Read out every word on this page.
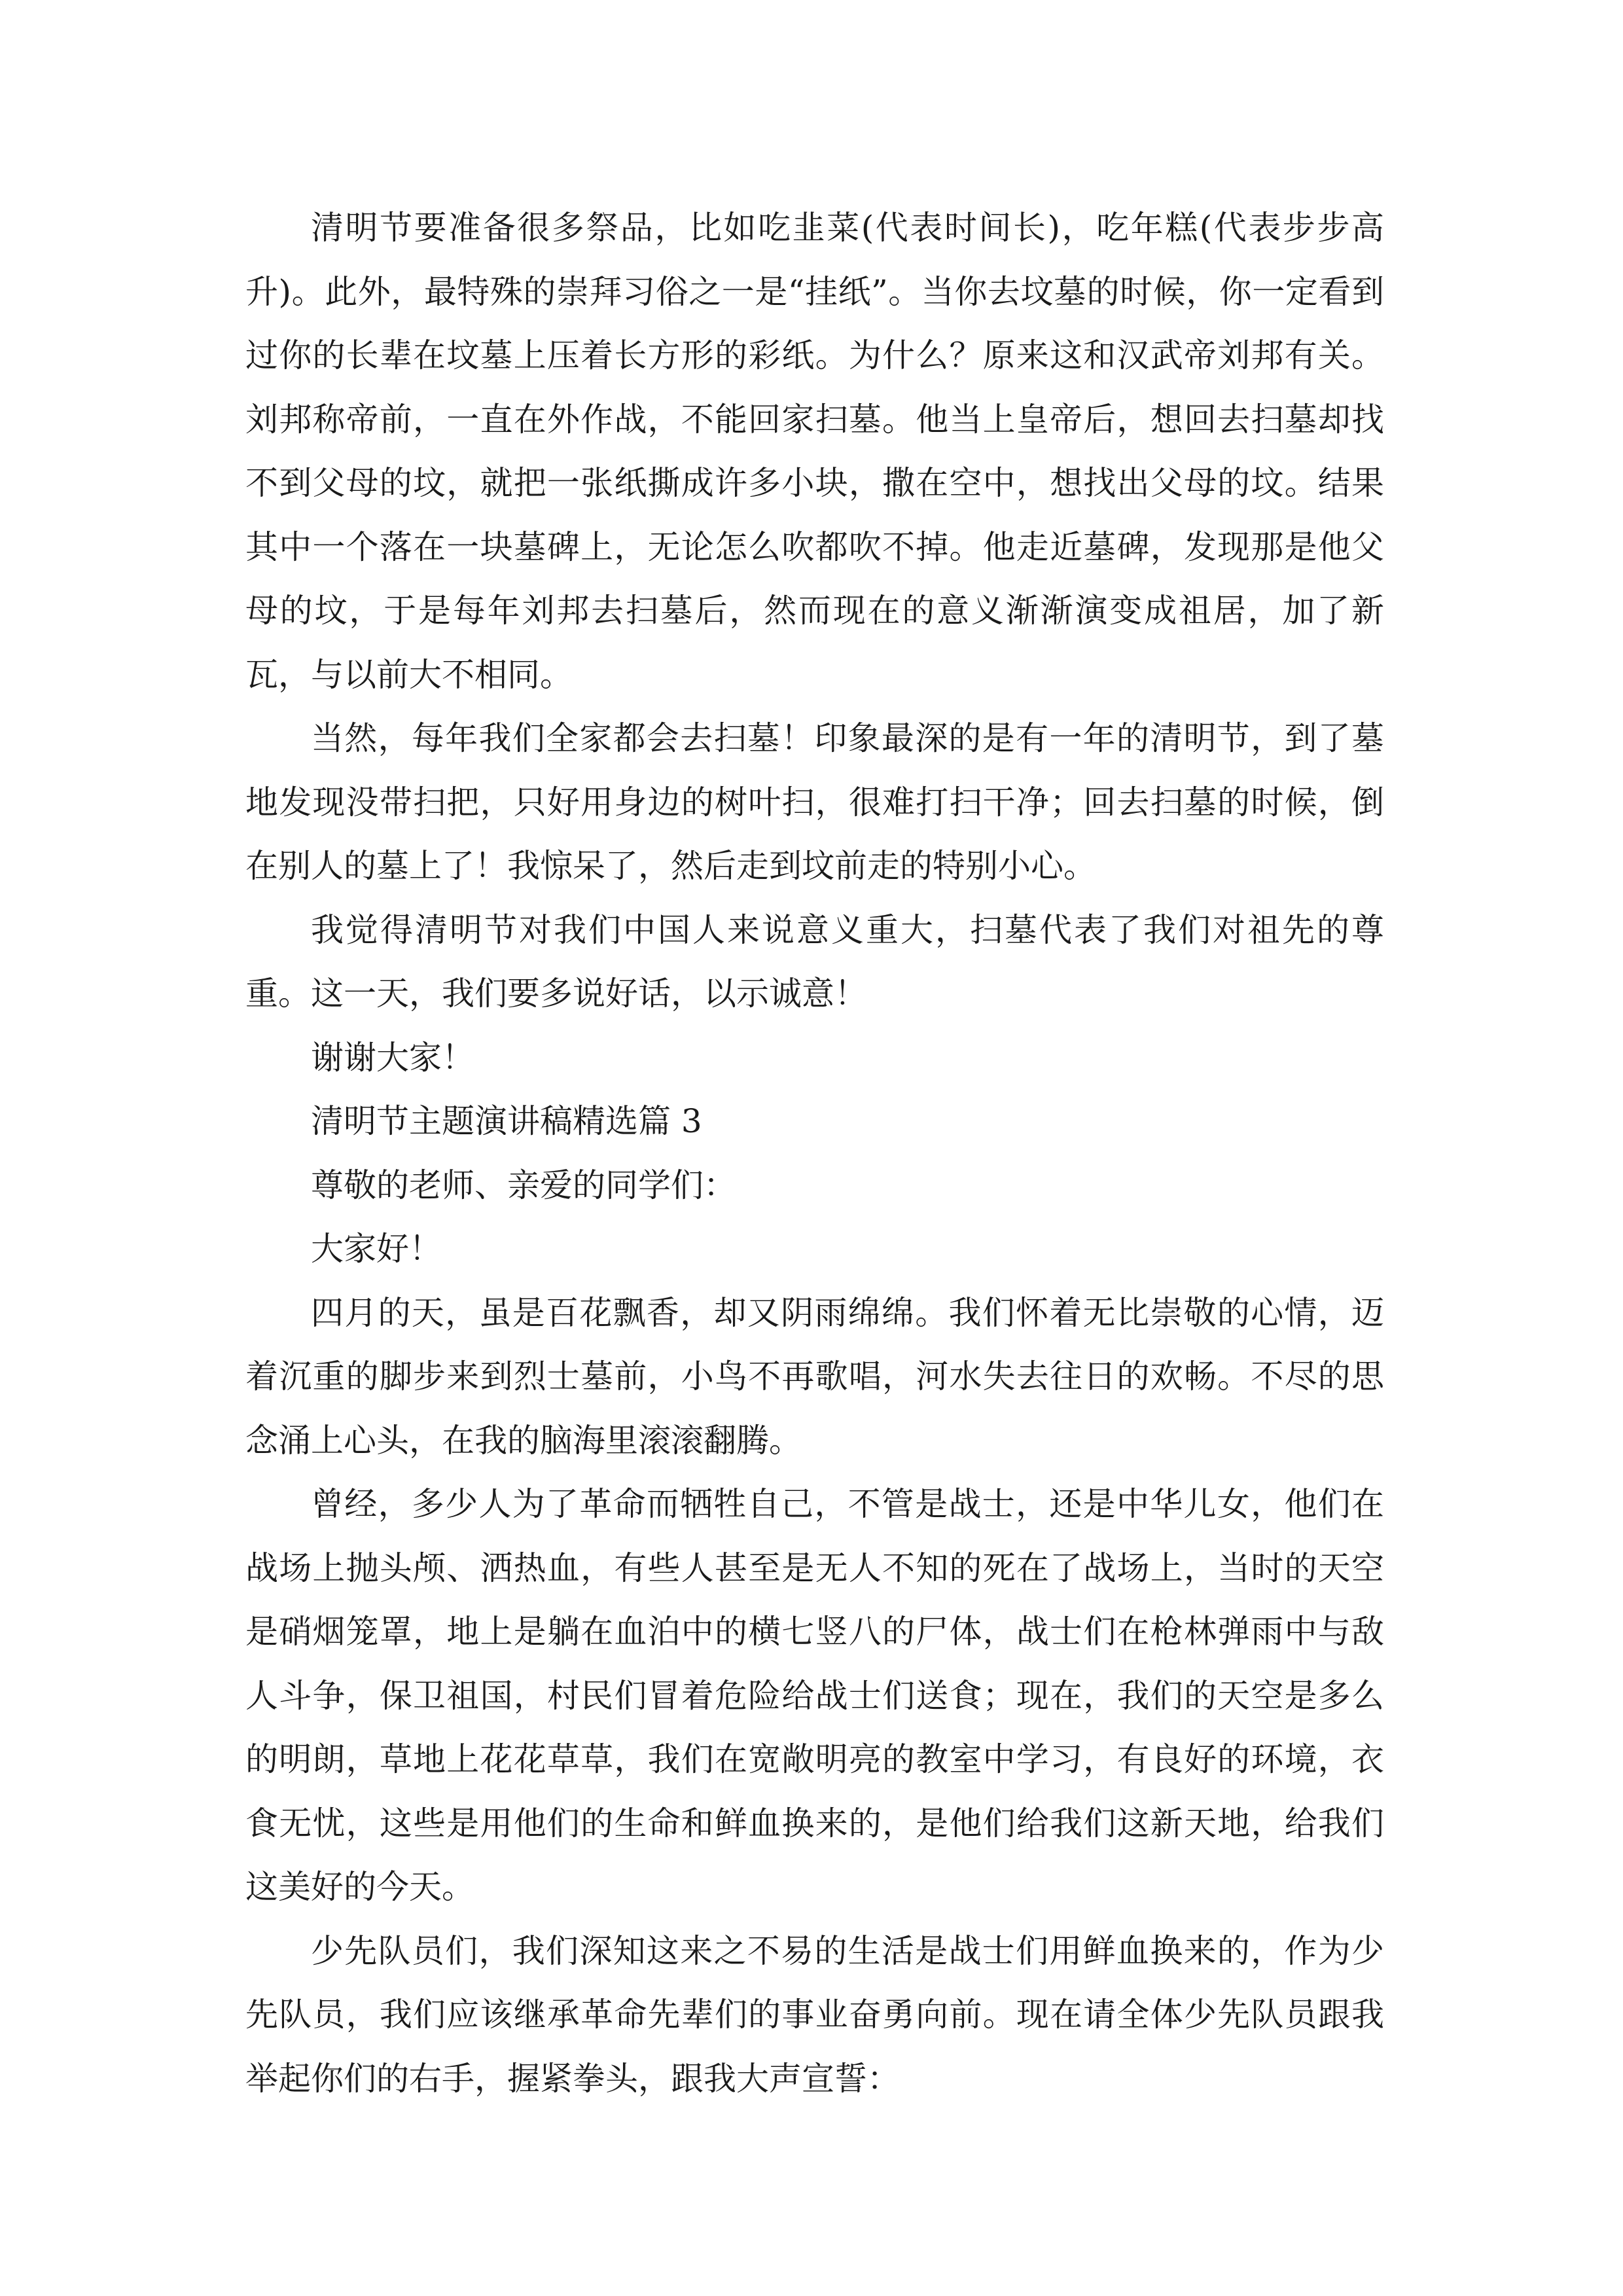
清明节要准备很多祭品，比如吃韭菜(代表时间长)，吃年糕(代表步步高升)。此外，最特殊的崇拜习俗之一是“挂纸”。当你去坟墓的时候，你一定看到过你的长辈在坟墓上压着长方形的彩纸。为什么？原来这和汉武帝刘邦有关。刘邦称帝前，一直在外作战，不能回家扫墓。他当上皇帝后，想回去扫墓却找不到父母的坟，就把一张纸撕成许多小块，撒在空中，想找出父母的坟。结果其中一个落在一块墓碑上，无论怎么吹都吹不掉。他走近墓碑，发现那是他父母的坟，于是每年刘邦去扫墓后，然而现在的意义渐渐演变成祖居，加了新瓦，与以前大不相同。

当然，每年我们全家都会去扫墓！印象最深的是有一年的清明节，到了墓地发现没带扫把，只好用身边的树叶扫，很难打扫干净；回去扫墓的时候，倒在别人的墓上了！我惊呆了，然后走到坟前走的特别小心。

我觉得清明节对我们中国人来说意义重大，扫墓代表了我们对祖先的尊重。这一天，我们要多说好话，以示诚意！

谢谢大家！

清明节主题演讲稿精选篇 3

尊敬的老师、亲爱的同学们：

大家好！

四月的天，虽是百花飘香，却又阴雨绵绵。我们怀着无比崇敬的心情，迈着沉重的脚步来到烈士墓前，小鸟不再歌唱，河水失去往日的欢畅。不尽的思念涌上心头，在我的脑海里滚滚翻腾。

曾经，多少人为了革命而牺牲自己，不管是战士，还是中华儿女，他们在战场上抛头颅、洒热血，有些人甚至是无人不知的死在了战场上，当时的天空是硝烟笼罩，地上是躺在血泊中的横七竖八的尸体，战士们在枪林弹雨中与敌人斗争，保卫祖国，村民们冒着危险给战士们送食；现在，我们的天空是多么的明朗，草地上花花草草，我们在宽敞明亮的教室中学习，有良好的环境，衣食无忧，这些是用他们的生命和鲜血换来的，是他们给我们这新天地，给我们这美好的今天。

少先队员们，我们深知这来之不易的生活是战士们用鲜血换来的，作为少先队员，我们应该继承革命先辈们的事业奋勇向前。现在请全体少先队员跟我举起你们的右手，握紧拳头，跟我大声宣誓：
